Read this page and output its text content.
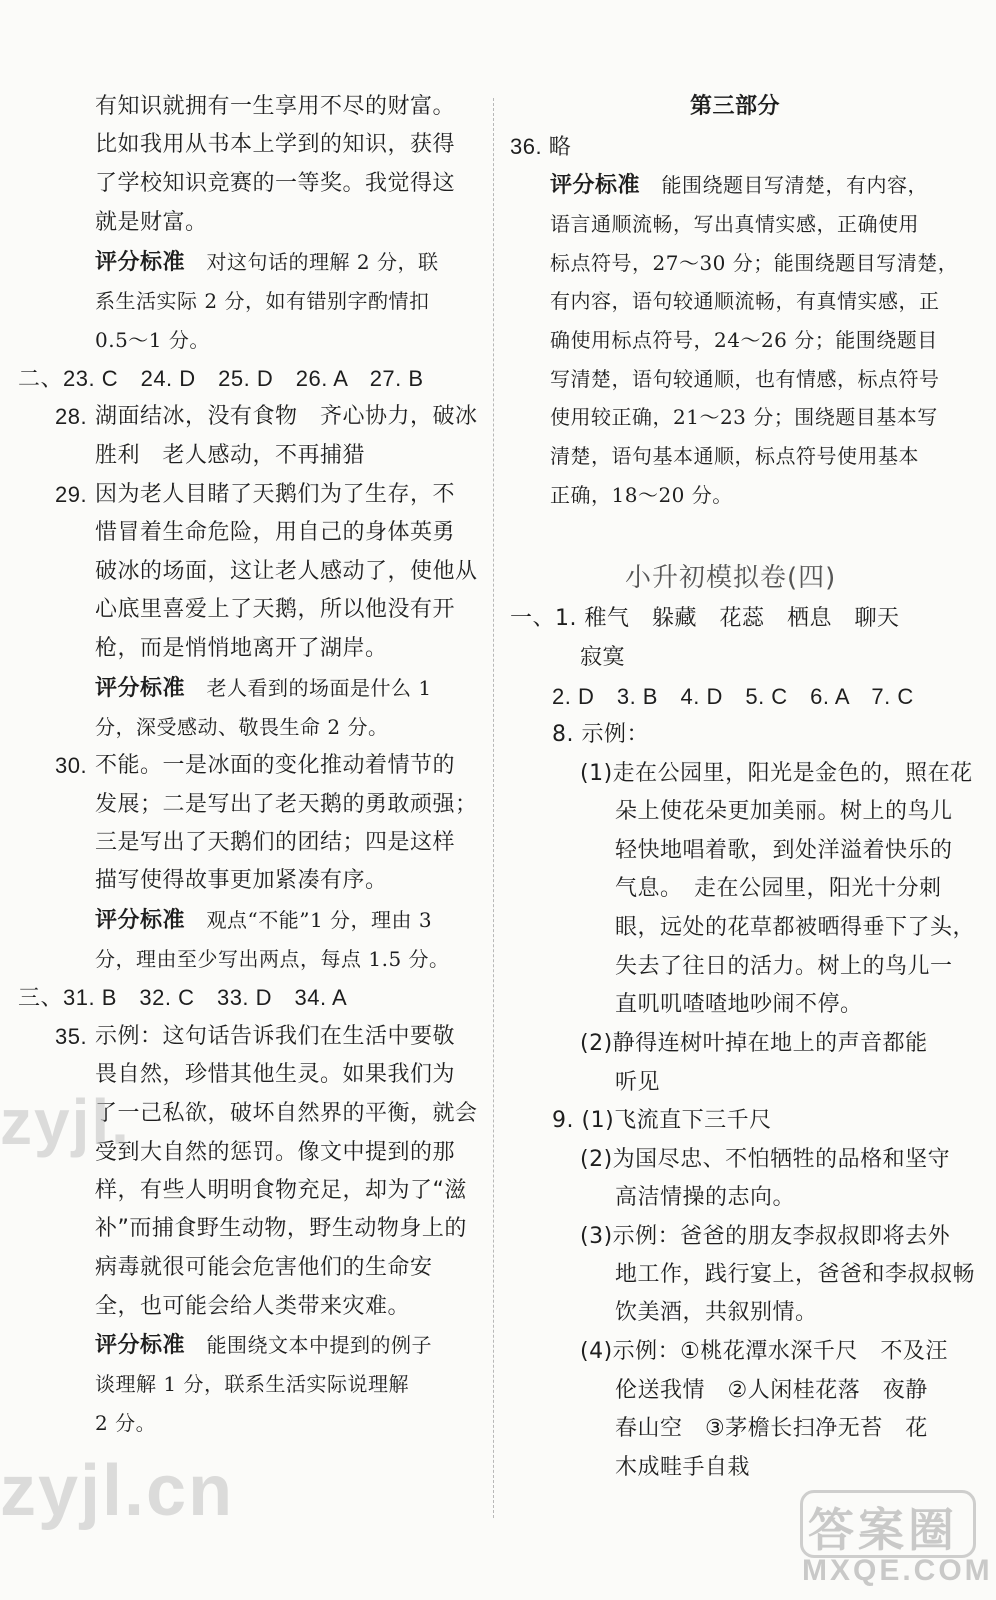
有知识就拥有一生享用不尽的财富。
比如我用从书本上学到的知识，获得
了学校知识竞赛的一等奖。我觉得这
就是财富。
评分标准 对这句话的理解 2 分，联
系生活实际 2 分，如有错别字酌情扣
0.5～1 分。
二、23. C　24. D　25. D　26. A　27. B
28. 湖面结冰，没有食物　齐心协力，破冰
胜利　老人感动，不再捕猎
29. 因为老人目睹了天鹅们为了生存，不
惜冒着生命危险，用自己的身体英勇
破冰的场面，这让老人感动了，使他从
心底里喜爱上了天鹅，所以他没有开
枪，而是悄悄地离开了湖岸。
评分标准 老人看到的场面是什么 1
分，深受感动、敬畏生命 2 分。
30. 不能。一是冰面的变化推动着情节的
发展；二是写出了老天鹅的勇敢顽强；
三是写出了天鹅们的团结；四是这样
描写使得故事更加紧凑有序。
评分标准 观点“不能”1 分，理由 3
分，理由至少写出两点，每点 1.5 分。
三、31. B　32. C　33. D　34. A
35. 示例：这句话告诉我们在生活中要敬
畏自然，珍惜其他生灵。如果我们为
了一己私欲，破坏自然界的平衡，就会
受到大自然的惩罚。像文中提到的那
样，有些人明明食物充足，却为了“滋
补”而捕食野生动物，野生动物身上的
病毒就很可能会危害他们的生命安
全，也可能会给人类带来灾难。
评分标准 能围绕文本中提到的例子
谈理解 1 分，联系生活实际说理解
2 分。
第三部分
36. 略
评分标准 能围绕题目写清楚，有内容，
语言通顺流畅，写出真情实感，正确使用
标点符号，27～30 分；能围绕题目写清楚，
有内容，语句较通顺流畅，有真情实感，正
确使用标点符号，24～26 分；能围绕题目
写清楚，语句较通顺，也有情感，标点符号
使用较正确，21～23 分；围绕题目基本写
清楚，语句基本通顺，标点符号使用基本
正确，18～20 分。
小升初模拟卷(四)
一、1. 稚气　躲藏　花蕊　栖息　聊天
寂寞
2. D　3. B　4. D　5. C　6. A　7. C
8. 示例：
(1)走在公园里，阳光是金色的，照在花
朵上使花朵更加美丽。树上的鸟儿
轻快地唱着歌，到处洋溢着快乐的
气息。　走在公园里，阳光十分刺
眼，远处的花草都被晒得垂下了头，
失去了往日的活力。树上的鸟儿一
直叽叽喳喳地吵闹不停。
(2)静得连树叶掉在地上的声音都能
听见
9. (1)飞流直下三千尺
(2)为国尽忠、不怕牺牲的品格和坚守
高洁情操的志向。
(3)示例：爸爸的朋友李叔叔即将去外
地工作，践行宴上，爸爸和李叔叔畅
饮美酒，共叙别情。
(4)示例：①桃花潭水深千尺　不及汪
伦送我情　②人闲桂花落　夜静
春山空　③茅檐长扫净无苔　花
木成畦手自栽
zyjl.
zyjl.cn	答案圈
MXQE.COM
